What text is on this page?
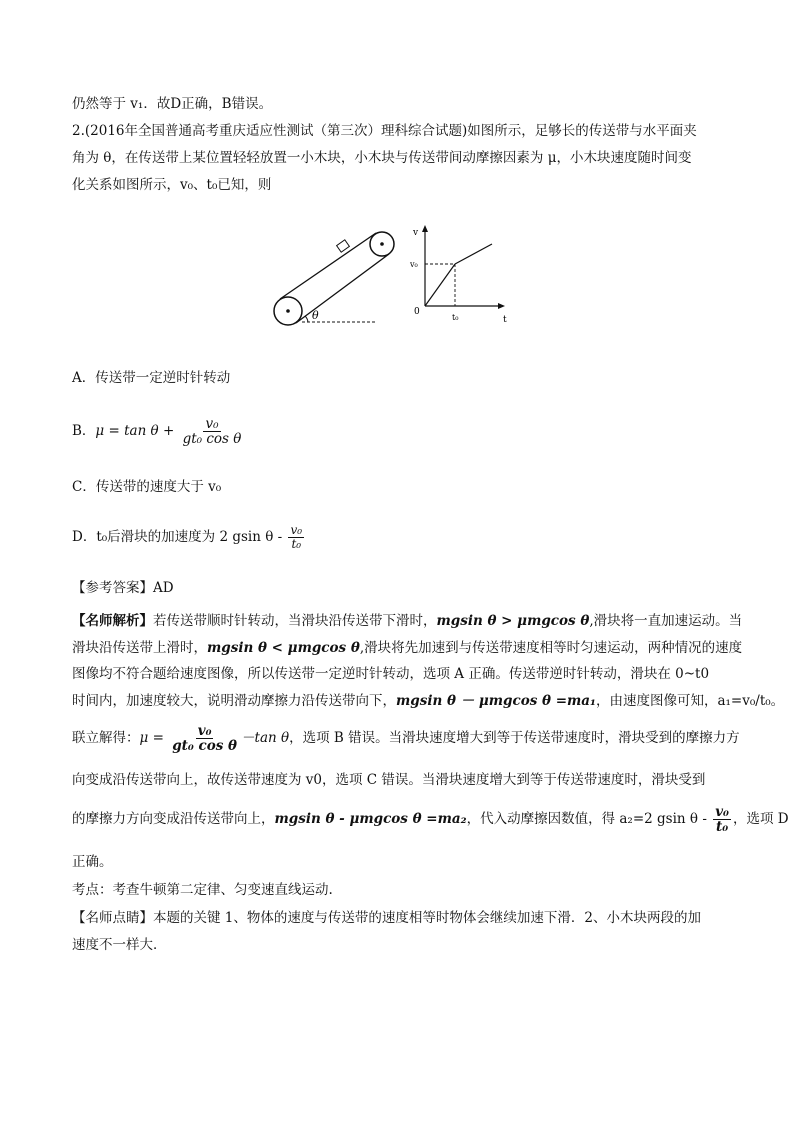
仍然等于 v₁．故D正确，B错误。
2.(2016年全国普通高考重庆适应性测试（第三次）理科综合试题)如图所示，足够长的传送带与水平面夹
角为 θ，在传送带上某位置轻轻放置一小木块，小木块与传送带间动摩擦因素为 μ，小木块速度随时间变
化关系如图所示，v₀、t₀已知，则
θ
v
v₀
0
t₀	t
A．传送带一定逆时针转动
B．$\mu = \tan \theta + \frac{\text{v₀}}{\text{gt₀ cos θ}}$
C．传送带的速度大于 v₀
D．t₀后滑块的加速度为 2 gsin θ - $\frac{\text{v₀}}{\text{t₀}}$
【参考答案】AD
【名师解析】若传送带顺时针转动，当滑块沿传送带下滑时，mgsin θ > μmgcos θ,滑块将一直加速运动。当
滑块沿传送带上滑时，mgsin θ < μmgcos θ,滑块将先加速到与传送带速度相等时匀速运动，两种情况的速度
图像均不符合题给速度图像，所以传送带一定逆时针转动，选项 A 正确。传送带逆时针转动，滑块在 0~t0
时间内，加速度较大，说明滑动摩擦力沿传送带向下，mgsin θ － μmgcos θ =ma₁，由速度图像可知，a₁=v₀/t₀。
联立解得：$\mu = \frac{\text{v₀}}{\text{gt₀ cos θ}} -\tan$ θ，选项 B 错误。当滑块速度增大到等于传送带速度时，滑块受到的摩擦力方
向变成沿传送带向上，故传送带速度为 v0，选项 C 错误。当滑块速度增大到等于传送带速度时，滑块受到
的摩擦力方向变成沿传送带向上，mgsin θ - μmgcos θ =ma₂，代入动摩擦因数值，得 a₂=2 gsin θ - $\frac{\text{v₀}}{\text{t₀}}$ ，选项 D
正确。
考点：考查牛顿第二定律、匀变速直线运动.
【名师点睛】本题的关键 1、物体的速度与传送带的速度相等时物体会继续加速下滑．2、小木块两段的加
速度不一样大．
